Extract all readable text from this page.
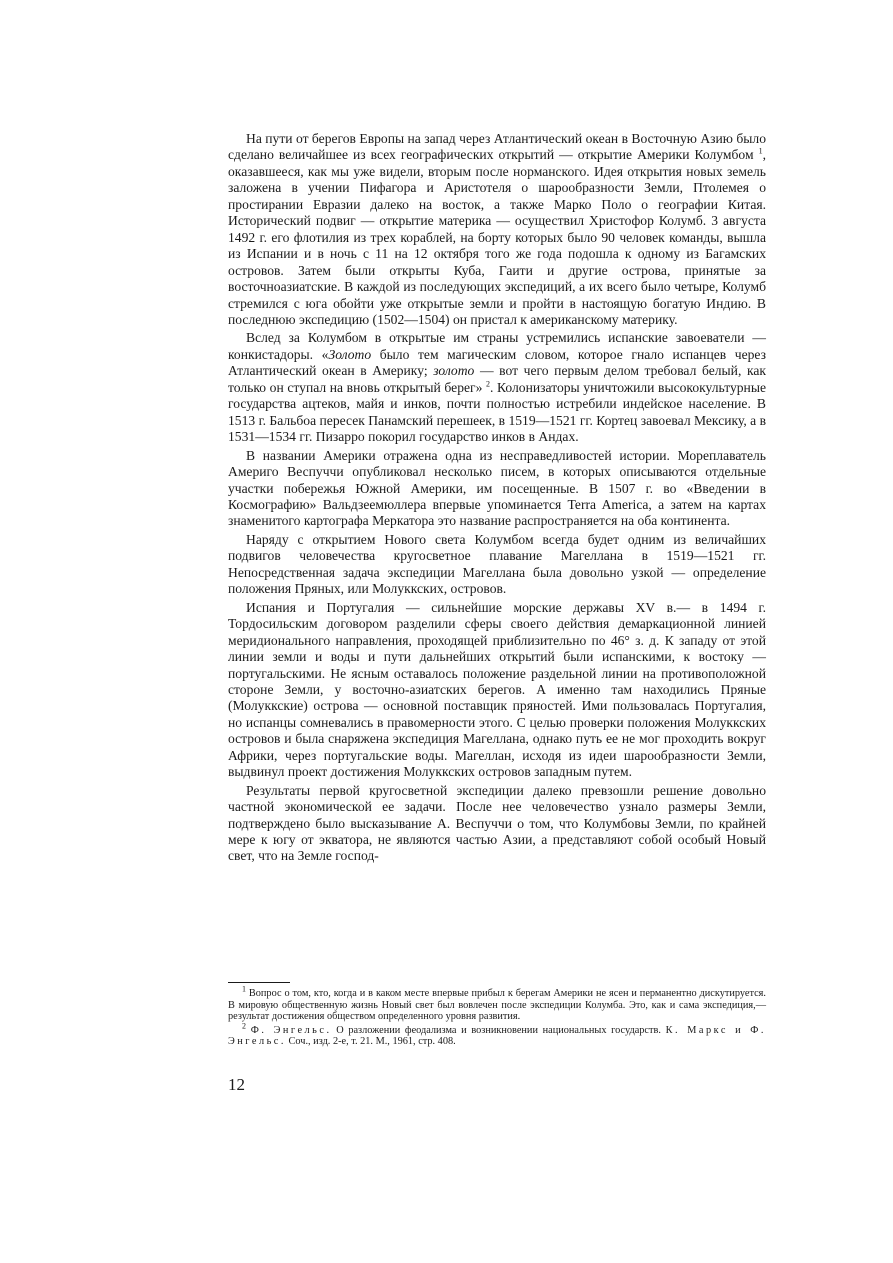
На пути от берегов Европы на запад через Атлантический океан в Восточную Азию было сделано величайшее из всех географических открытий — открытие Америки Колумбом $^1$, оказавшееся, как мы уже видели, вторым после норманского. Идея открытия новых земель заложена в учении Пифагора и Аристотеля о шарообразности Земли, Птолемея о простирании Евразии далеко на восток, а также Марко Поло о географии Китая. Исторический подвиг — открытие материка — осуществил Христофор Колумб. 3 августа 1492 г. его флотилия из трех кораблей, на борту которых было 90 человек команды, вышла из Испании и в ночь с 11 на 12 октября того же года подошла к одному из Багамских островов. Затем были открыты Куба, Гаити и другие острова, принятые за восточноазиатские. В каждой из последующих экспедиций, а их всего было четыре, Колумб стремился с юга обойти уже открытые земли и пройти в настоящую богатую Индию. В последнюю экспедицию (1502—1504) он пристал к американскому материку.

Вслед за Колумбом в открытые им страны устремились испанские завоеватели — конкистадоры. «Золото было тем магическим словом, которое гнало испанцев через Атлантический океан в Америку; золото — вот чего первым делом требовал белый, как только он ступал на вновь открытый берег» $^2$. Колонизаторы уничтожили высококультурные государства ацтеков, майя и инков, почти полностью истребили индейское население. В 1513 г. Бальбоа пересек Панамский перешеек, в 1519—1521 гг. Кортец завоевал Мексику, а в 1531—1534 гг. Пизарро покорил государство инков в Андах.

В названии Америки отражена одна из несправедливостей истории. Мореплаватель Америго Веспуччи опубликовал несколько писем, в которых описываются отдельные участки побережья Южной Америки, им посещенные. В 1507 г. во «Введении в Космографию» Вальдзеемюллера впервые упоминается Terra America, а затем на картах знаменитого картографа Меркатора это название распространяется на оба континента.

Наряду с открытием Нового света Колумбом всегда будет одним из величайших подвигов человечества кругосветное плавание Магеллана в 1519—1521 гг. Непосредственная задача экспедиции Магеллана была довольно узкой — определение положения Пряных, или Молуккских, островов.

Испания и Португалия — сильнейшие морские державы XV в.— в 1494 г. Тордосильским договором разделили сферы своего действия демаркационной линией меридионального направления, проходящей приблизительно по 46° з. д. К западу от этой линии земли и воды и пути дальнейших открытий были испанскими, к востоку — португальскими. Не ясным оставалось положение раздельной линии на противоположной стороне Земли, у восточно-азиатских берегов. А именно там находились Пряные (Молуккские) острова — основной поставщик пряностей. Ими пользовалась Португалия, но испанцы сомневались в правомерности этого. С целью проверки положения Молуккских островов и была снаряжена экспедиция Магеллана, однако путь ее не мог проходить вокруг Африки, через португальские воды. Магеллан, исходя из идеи шарообразности Земли, выдвинул проект достижения Молуккских островов западным путем.

Результаты первой кругосветной экспедиции далеко превзошли решение довольно частной экономической ее задачи. После нее человечество узнало размеры Земли, подтверждено было высказывание А. Веспуччи о том, что Колумбовы Земли, по крайней мере к югу от экватора, не являются частью Азии, а представляют собой особый Новый свет, что на Земле господ-

$^1$ Вопрос о том, кто, когда и в каком месте впервые прибыл к берегам Америки не ясен и перманентно дискутируется. В мировую общественную жизнь Новый свет был вовлечен после экспедиции Колумба. Это, как и сама экспедиция,— результат достижения обществом определенного уровня развития.

$^2$ Ф. Энгельс. О разложении феодализма и возникновении национальных государств. К. Маркс и Ф. Энгельс. Соч., изд. 2-е, т. 21. М., 1961, стр. 408.

12
